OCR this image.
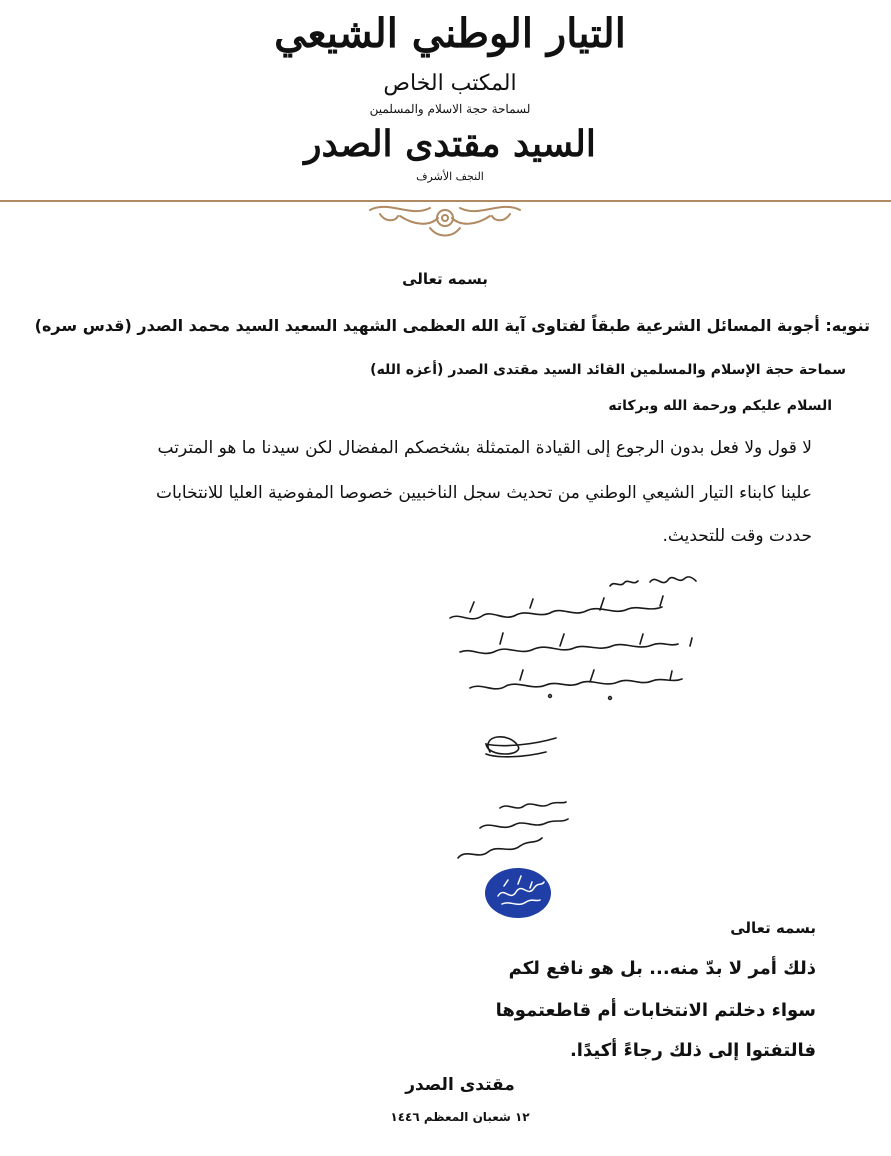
التيار الوطني الشيعي
المكتب الخاص
لسماحة حجة الاسلام والمسلمين
السيد مقتدى الصدر
النجف الأشرف
بسمه تعالى
تنويه: أجوبة المسائل الشرعية طبقاً لفتاوى آية الله العظمى الشهيد السعيد السيد محمد الصدر (قدس سره)
سماحة حجة الإسلام والمسلمين القائد السيد مقتدى الصدر (أعزه الله)
السلام عليكم ورحمة الله وبركاته
لا قول ولا فعل بدون الرجوع إلى القيادة المتمثلة بشخصكم المفضال لكن سيدنا ما هو المترتب
علينا كابناء التيار الشيعي الوطني من تحديث سجل الناخبيين خصوصا المفوضية العليا للانتخابات
حددت وقت للتحديث.
بسمه تعالى
ذلك أمر لا بدّ منه... بل هو نافع لكم
سواء دخلتم الانتخابات أم قاطعتموها
فالتفتوا إلى ذلك رجاءً أكيدًا.
مقتدى الصدر
١٢ شعبان المعظم ١٤٤٦
